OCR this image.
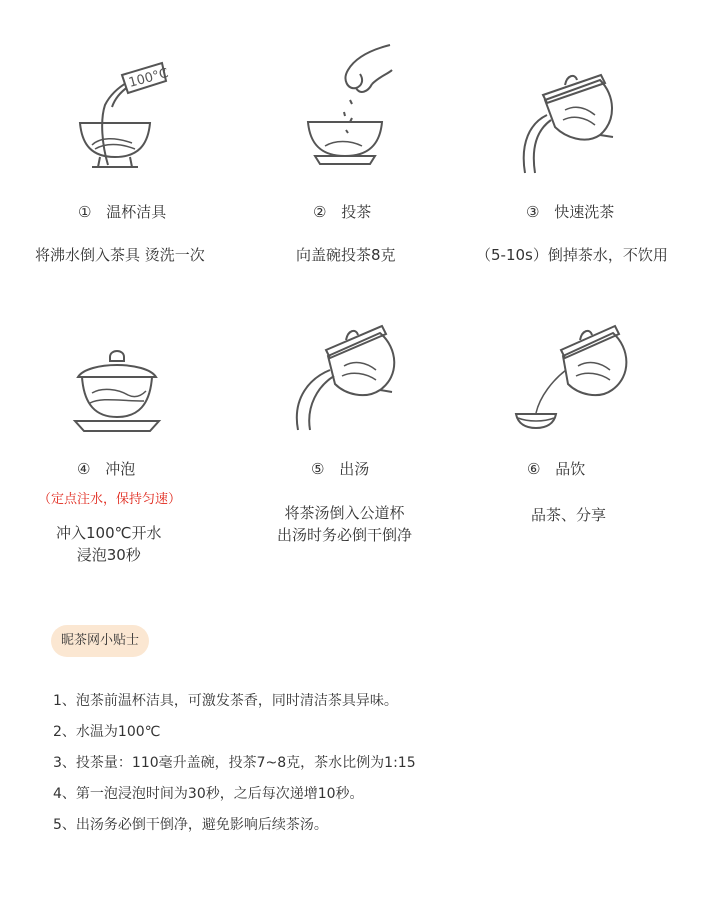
100°C
① 温杯洁具
将沸水倒入茶具 烫洗一次
② 投茶
向盖碗投茶8克
③ 快速洗茶
（5-10s）倒掉茶水，不饮用
④ 冲泡
（定点注水，保持匀速）
冲入100℃开水
浸泡30秒
⑤ 出汤
将茶汤倒入公道杯
出汤时务必倒干倒净
⑥ 品饮
品茶、分享
昵茶网小贴士
1、泡茶前温杯洁具，可激发茶香，同时清洁茶具异味。
2、水温为100℃
3、投茶量：110毫升盖碗，投茶7~8克，茶水比例为1:15
4、第一泡浸泡时间为30秒，之后每次递增10秒。
5、出汤务必倒干倒净，避免影响后续茶汤。
